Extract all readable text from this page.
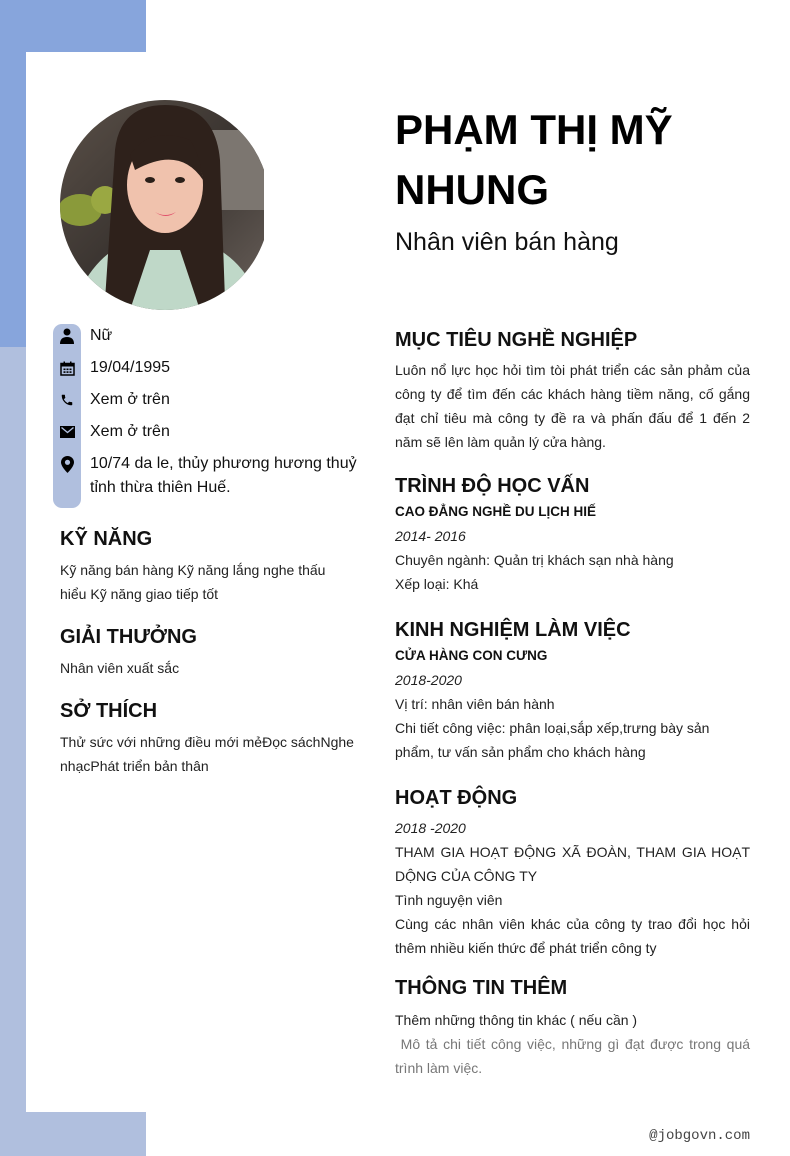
Nữ
19/04/1995
Xem ở trên
Xem ở trên
10/74 da le, thủy phương hương thuỷ tỉnh thừa thiên Huế.
KỸ NĂNG
Kỹ năng bán hàng Kỹ năng lắng nghe thấu hiểu Kỹ năng giao tiếp tốt
GIẢI THƯỞNG
Nhân viên xuất sắc
SỞ THÍCH
Thử sức với những điều mới mẻĐọc sáchNghe nhạcPhát triển bản thân
PHẠM THỊ MỸ NHUNG
Nhân viên bán hàng
MỤC TIÊU NGHỀ NGHIỆP
Luôn nổ lực học hỏi tìm tòi phát triển các sản phảm của công ty để tìm đến các khách hàng tiềm năng, cố gắng đạt chỉ tiêu mà công ty đề ra và phấn đấu để 1 đến 2 năm sẽ lên làm quản lý cửa hàng.
TRÌNH ĐỘ HỌC VẤN
CAO ĐẲNG NGHỀ DU LỊCH HIẾ
2014- 2016
Chuyên ngành: Quản trị khách sạn nhà hàng
Xếp loại: Khá
KINH NGHIỆM LÀM VIỆC
CỬA HÀNG CON CƯNG
2018-2020
Vị trí: nhân viên bán hành
Chi tiết công việc: phân loại,sắp xếp,trưng bày sản phẩm, tư vấn sản phẩm cho khách hàng
HOẠT ĐỘNG
2018 -2020
THAM GIA HOẠT ĐỘNG XÃ ĐOÀN, THAM GIA HOẠT DỘNG CỦA CÔNG TY
Tình nguyện viên
Cùng các nhân viên khác của công ty trao đổi học hỏi thêm nhiều kiến thức để phát triển công ty
THÔNG TIN THÊM
Thêm những thông tin khác ( nếu cần )
Mô tả chi tiết công việc, những gì đạt được trong quá trình làm việc.
@jobgovn.com
